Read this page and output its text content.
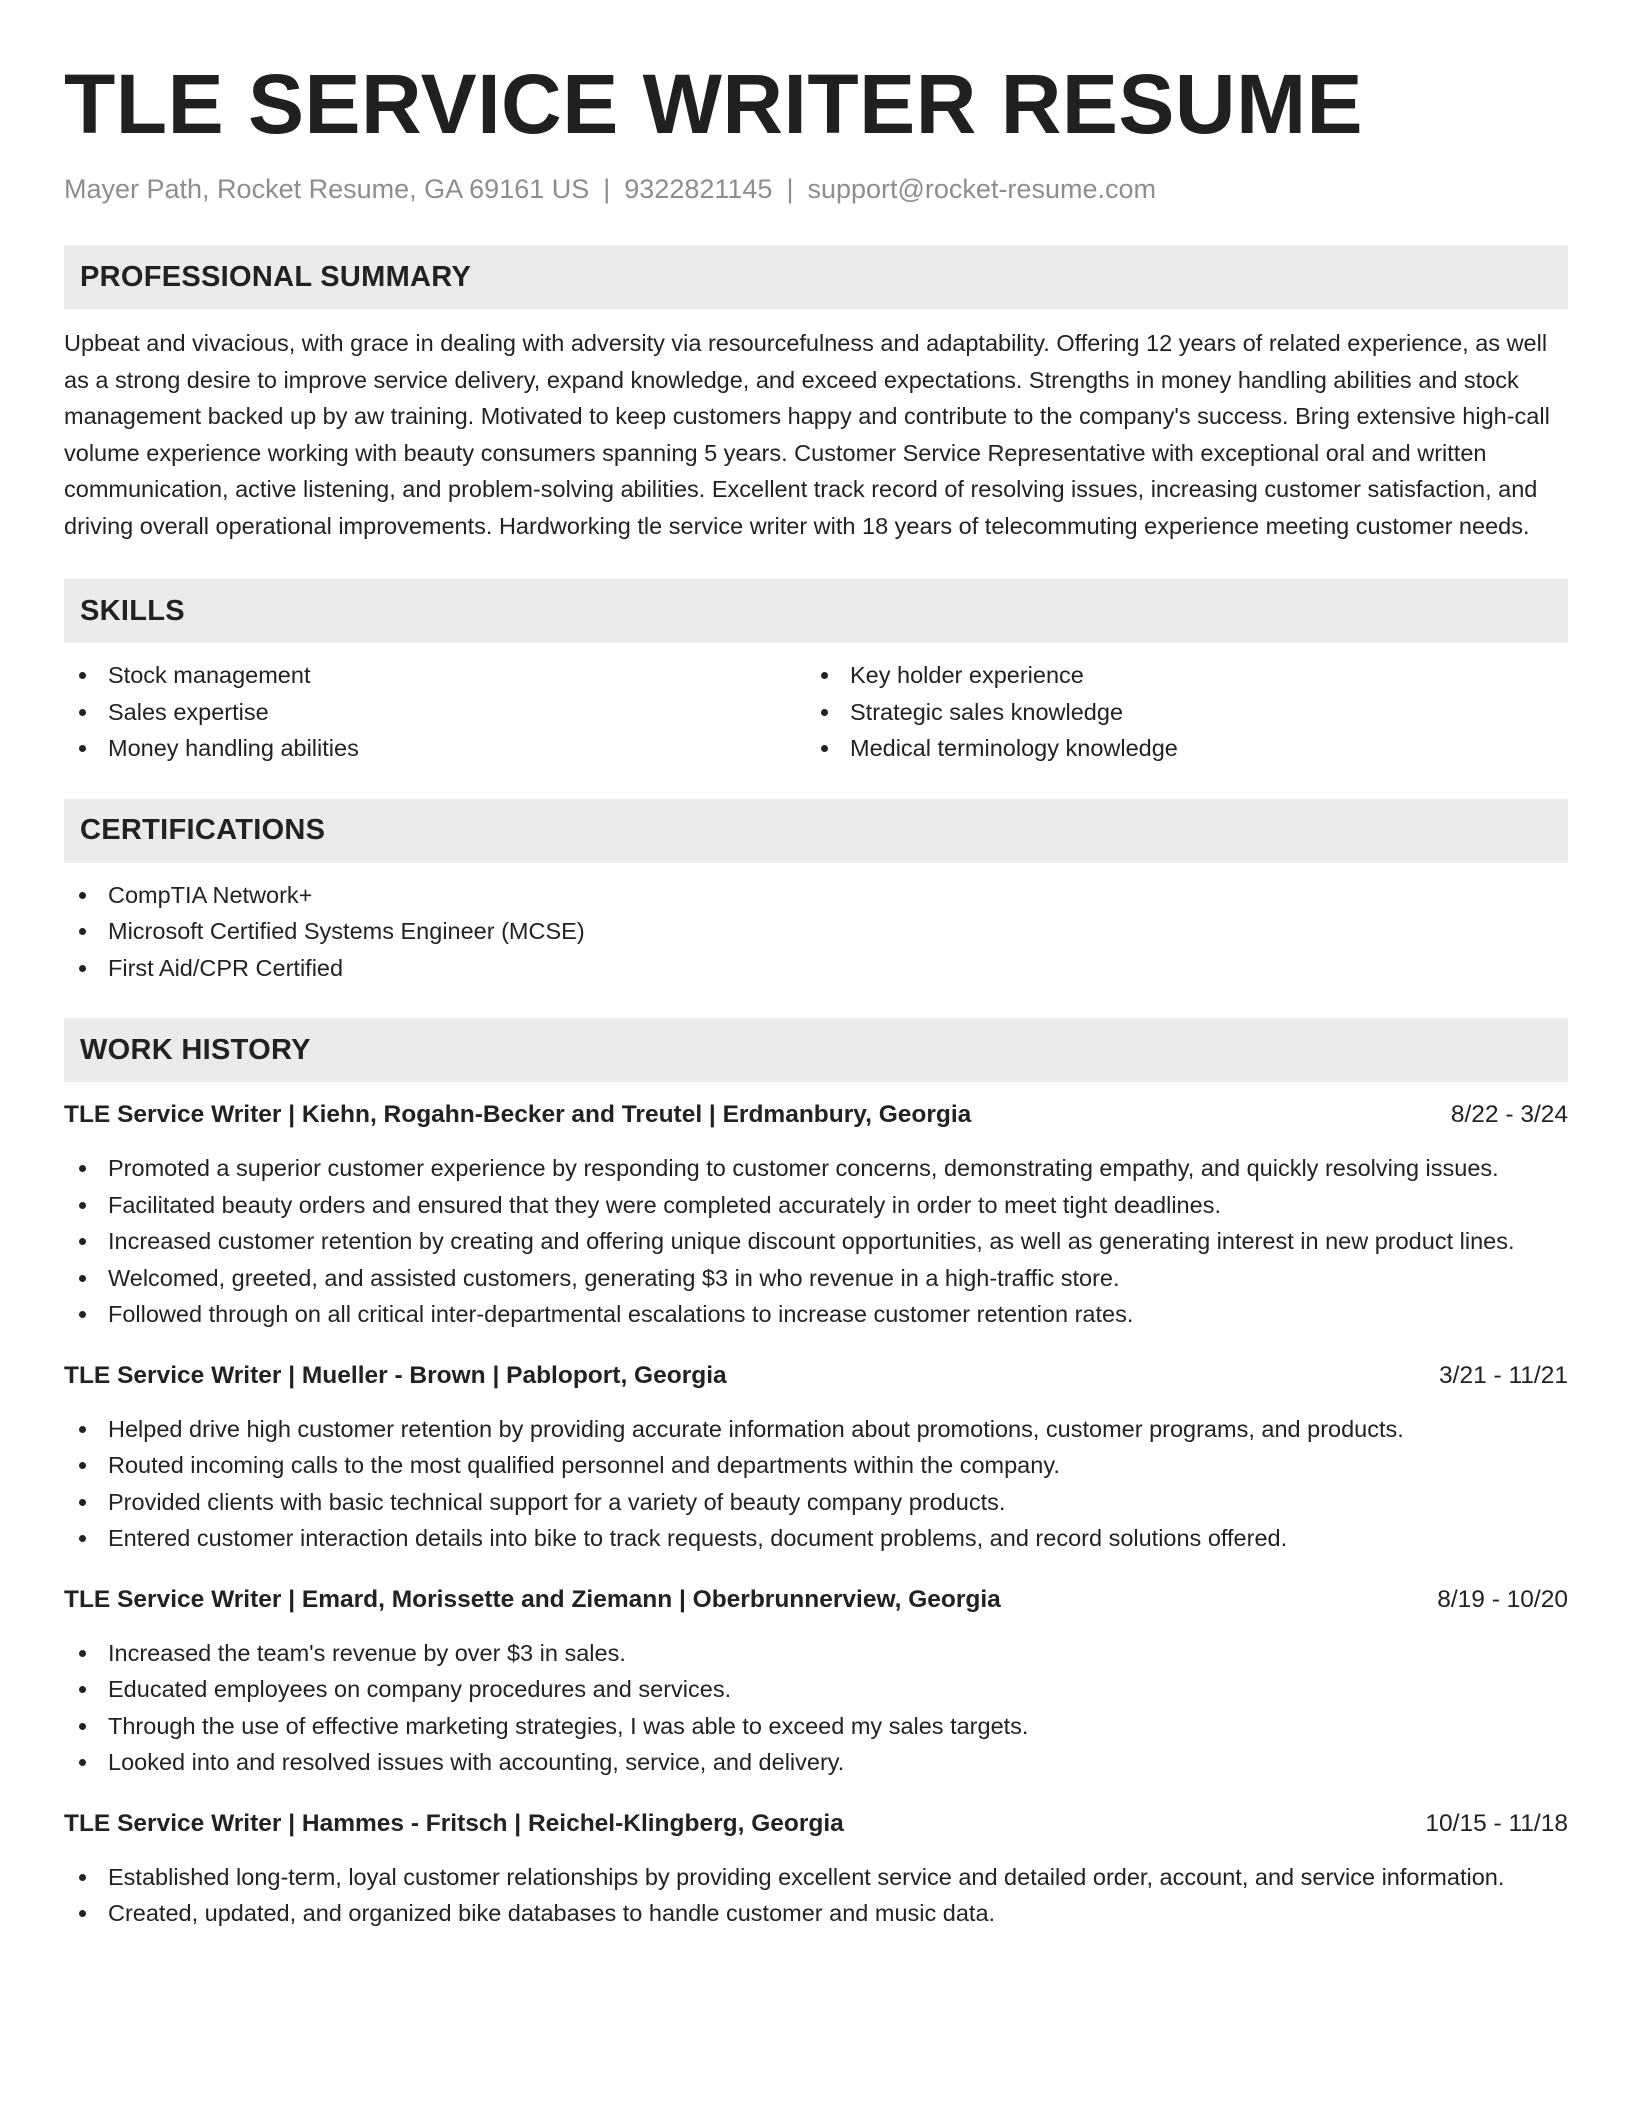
TLE SERVICE WRITER RESUME
Mayer Path, Rocket Resume, GA 69161 US | 9322821145 | support@rocket-resume.com
PROFESSIONAL SUMMARY
Upbeat and vivacious, with grace in dealing with adversity via resourcefulness and adaptability. Offering 12 years of related experience, as well as a strong desire to improve service delivery, expand knowledge, and exceed expectations. Strengths in money handling abilities and stock management backed up by aw training. Motivated to keep customers happy and contribute to the company's success. Bring extensive high-call volume experience working with beauty consumers spanning 5 years. Customer Service Representative with exceptional oral and written communication, active listening, and problem-solving abilities. Excellent track record of resolving issues, increasing customer satisfaction, and driving overall operational improvements. Hardworking tle service writer with 18 years of telecommuting experience meeting customer needs.
SKILLS
Stock management
Sales expertise
Money handling abilities
Key holder experience
Strategic sales knowledge
Medical terminology knowledge
CERTIFICATIONS
CompTIA Network+
Microsoft Certified Systems Engineer (MCSE)
First Aid/CPR Certified
WORK HISTORY
TLE Service Writer | Kiehn, Rogahn-Becker and Treutel | Erdmanbury, Georgia	8/22 - 3/24
Promoted a superior customer experience by responding to customer concerns, demonstrating empathy, and quickly resolving issues.
Facilitated beauty orders and ensured that they were completed accurately in order to meet tight deadlines.
Increased customer retention by creating and offering unique discount opportunities, as well as generating interest in new product lines.
Welcomed, greeted, and assisted customers, generating $3 in who revenue in a high-traffic store.
Followed through on all critical inter-departmental escalations to increase customer retention rates.
TLE Service Writer | Mueller - Brown | Pabloport, Georgia	3/21 - 11/21
Helped drive high customer retention by providing accurate information about promotions, customer programs, and products.
Routed incoming calls to the most qualified personnel and departments within the company.
Provided clients with basic technical support for a variety of beauty company products.
Entered customer interaction details into bike to track requests, document problems, and record solutions offered.
TLE Service Writer | Emard, Morissette and Ziemann | Oberbrunnerview, Georgia	8/19 - 10/20
Increased the team's revenue by over $3 in sales.
Educated employees on company procedures and services.
Through the use of effective marketing strategies, I was able to exceed my sales targets.
Looked into and resolved issues with accounting, service, and delivery.
TLE Service Writer | Hammes - Fritsch | Reichel-Klingberg, Georgia	10/15 - 11/18
Established long-term, loyal customer relationships by providing excellent service and detailed order, account, and service information.
Created, updated, and organized bike databases to handle customer and music data.
